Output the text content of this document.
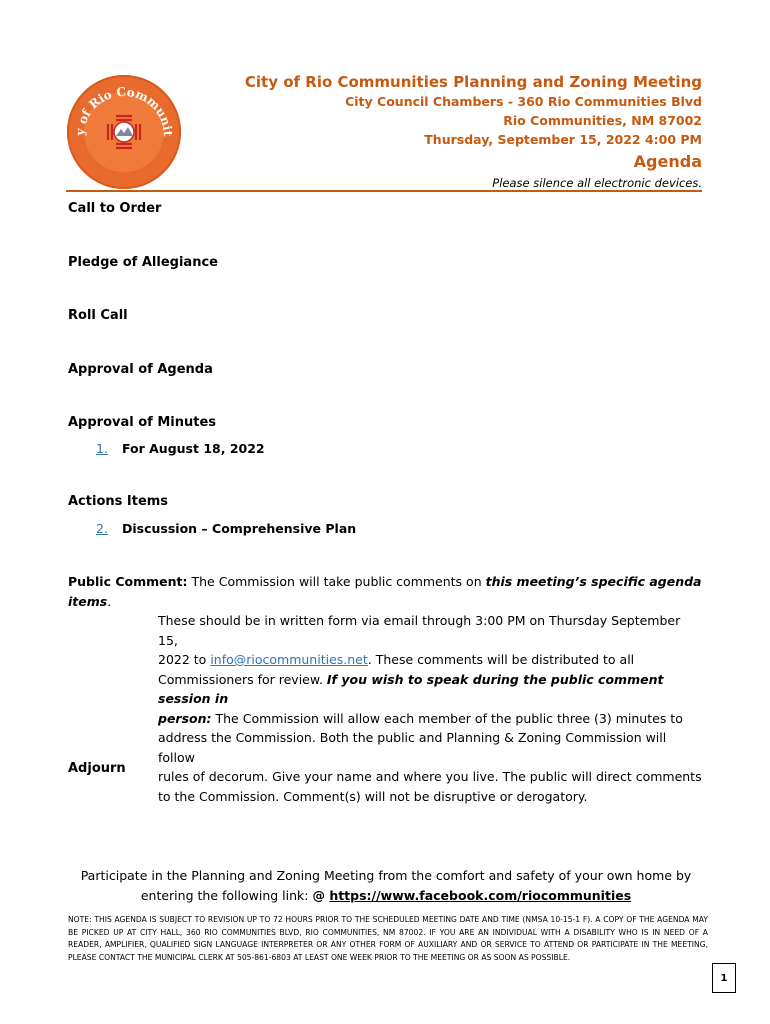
y of Rio Communit
City of Rio Communities Planning and Zoning Meeting
City Council Chambers - 360 Rio Communities Blvd
Rio Communities, NM 87002
Thursday, September 15, 2022 4:00 PM
Agenda
Please silence all electronic devices.
Call to Order
Pledge of Allegiance
Roll Call
Approval of Agenda
Approval of Minutes
1. For August 18, 2022
Actions Items
2. Discussion – Comprehensive Plan
Public Comment: The Commission will take public comments on this meeting’s specific agenda items.
These should be in written form via email through 3:00 PM on Thursday September 15,
2022 to info@riocommunities.net. These comments will be distributed to all
Commissioners for review. If you wish to speak during the public comment session in
person: The Commission will allow each member of the public three (3) minutes to
address the Commission. Both the public and Planning & Zoning Commission will follow
rules of decorum. Give your name and where you live. The public will direct comments
to the Commission. Comment(s) will not be disruptive or derogatory.
Adjourn
Participate in the Planning and Zoning Meeting from the comfort and safety of your own home by
entering the following link: @ https://www.facebook.com/riocommunities
NOTE: THIS AGENDA IS SUBJECT TO REVISION UP TO 72 HOURS PRIOR TO THE SCHEDULED MEETING DATE AND TIME (NMSA 10-15-1 F). A COPY OF THE AGENDA MAY BE PICKED UP AT CITY HALL, 360 RIO COMMUNITIES BLVD, RIO COMMUNITIES, NM 87002. IF YOU ARE AN INDIVIDUAL WITH A DISABILITY WHO IS IN NEED OF A READER, AMPLIFIER, QUALIFIED SIGN LANGUAGE INTERPRETER OR ANY OTHER FORM OF AUXILIARY AND OR SERVICE TO ATTEND OR PARTICIPATE IN THE MEETING, PLEASE CONTACT THE MUNICIPAL CLERK AT 505-861-6803 AT LEAST ONE WEEK PRIOR TO THE MEETING OR AS SOON AS POSSIBLE.
1
